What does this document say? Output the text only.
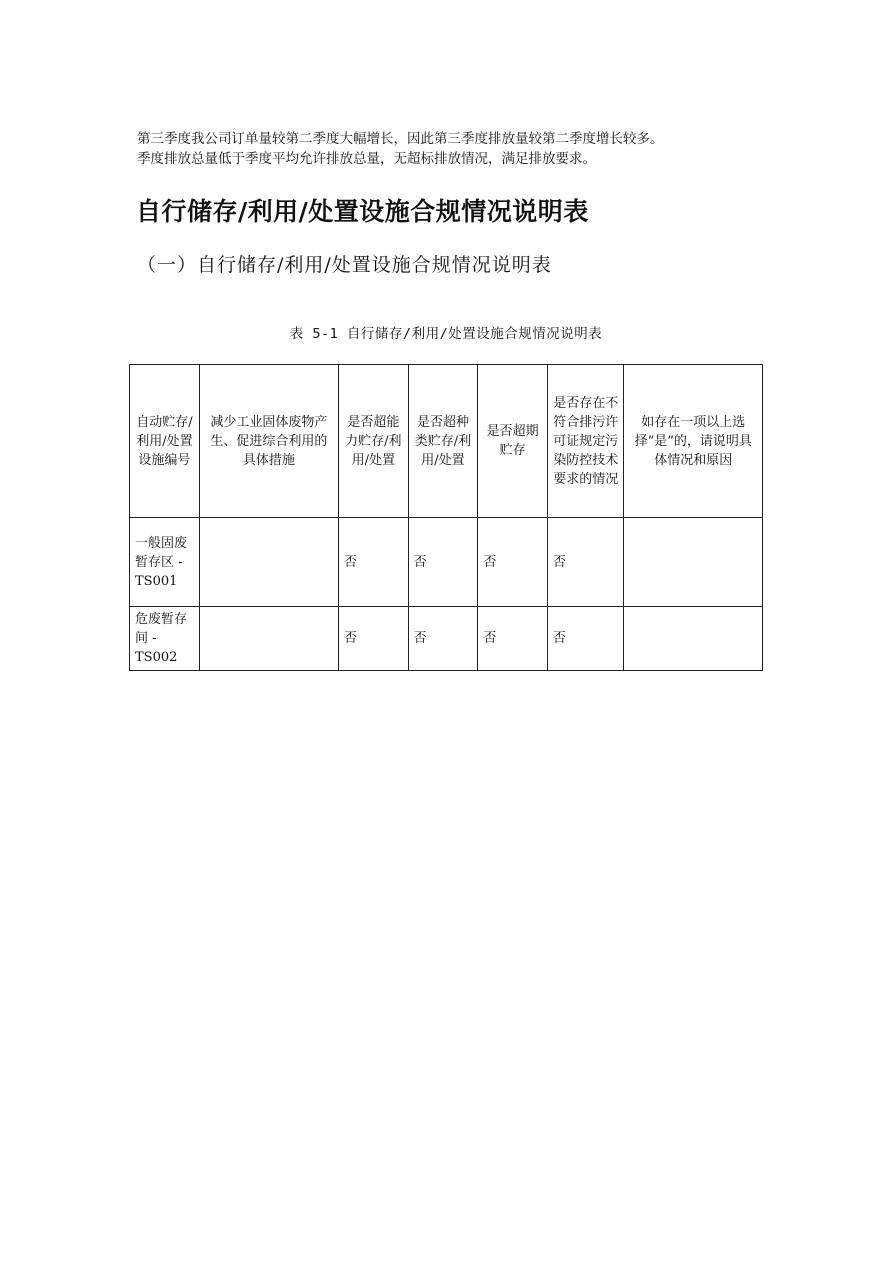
第三季度我公司订单量较第二季度大幅增长，因此第三季度排放量较第二季度增长较多。

季度排放总量低于季度平均允许排放总量，无超标排放情况，满足排放要求。

自行储存/利用/处置设施合规情况说明表
（一）自行储存/利用/处置设施合规情况说明表
表 5-1 自行储存/利用/处置设施合规情况说明表
自动贮存/利用/处置设施编号	减少工业固体废物产生、促进综合利用的具体措施	是否超能力贮存/利用/处置	是否超种类贮存/利用/处置	是否超期贮存	是否存在不符合排污许可证规定污染防控技术要求的情况	如存在一项以上选择“是”的，请说明具体情况和原因
一般固废暂存区 -TS001		否	否	否	否	
危废暂存间 -TS002		否	否	否	否	
